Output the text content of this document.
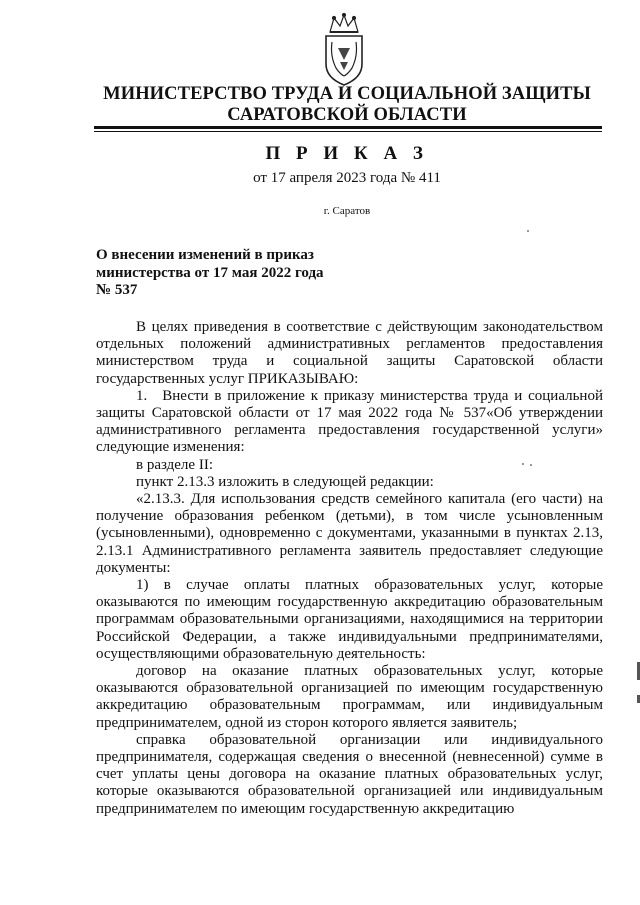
МИНИСТЕРСТВО ТРУДА И СОЦИАЛЬНОЙ ЗАЩИТЫ
САРАТОВСКОЙ ОБЛАСТИ
П Р И К А З
от 17 апреля 2023 года № 411
г. Саратов
О внесении изменений в приказ
министерства от 17 мая 2022 года
№ 537

В целях приведения в соответствие с действующим законодательством отдельных положений административных регламентов предоставления министерством труда и социальной защиты Саратовской области государственных услуг ПРИКАЗЫВАЮ:

1. Внести в приложение к приказу министерства труда и социальной защиты Саратовской области от 17 мая 2022 года № 537«Об утверждении административного регламента предоставления государственной услуги» следующие изменения:

в разделе II:

пункт 2.13.3 изложить в следующей редакции:

«2.13.3. Для использования средств семейного капитала (его части) на получение образования ребенком (детьми), в том числе усыновленным (усыновленными), одновременно с документами, указанными в пунктах 2.13, 2.13.1 Административного регламента заявитель предоставляет следующие документы:

1) в случае оплаты платных образовательных услуг, которые оказываются по имеющим государственную аккредитацию образовательным программам образовательными организациями, находящимися на территории Российской Федерации, а также индивидуальными предпринимателями, осуществляющими образовательную деятельность:

договор на оказание платных образовательных услуг, которые оказываются образовательной организацией по имеющим государственную аккредитацию образовательным программам, или индивидуальным предпринимателем, одной из сторон которого является заявитель;

справка образовательной организации или индивидуального предпринимателя, содержащая сведения о внесенной (невнесенной) сумме в счет уплаты цены договора на оказание платных образовательных услуг, которые оказываются образовательной организацией или индивидуальным предпринимателем по имеющим государственную аккредитацию
